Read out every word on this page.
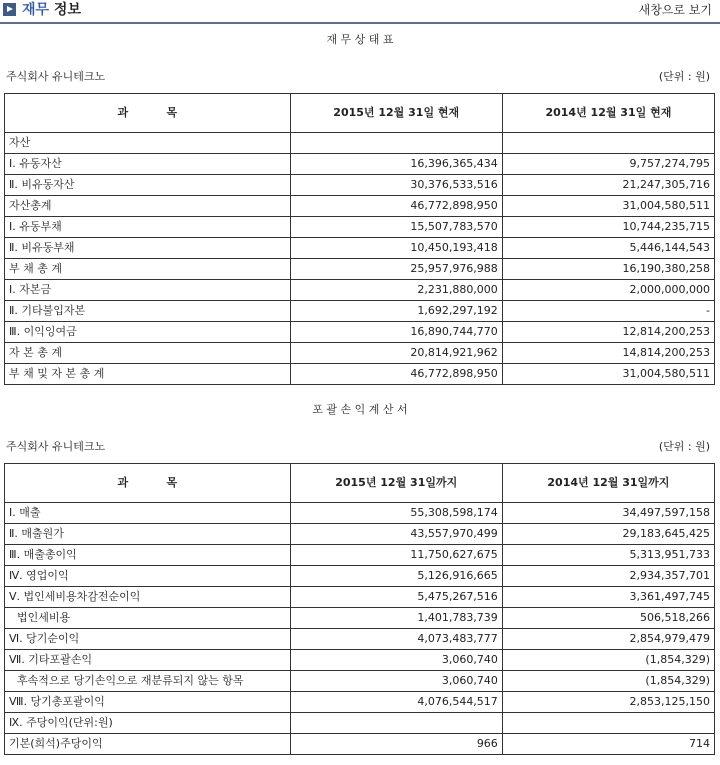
재무 정보	새창으로 보기
재 무 상 태 표
주식회사 유니테크노	(단위 : 원)
과          목	2015년 12월 31일 현재	2014년 12월 31일 현재
자산		
Ⅰ. 유동자산	16,396,365,434	9,757,274,795
Ⅱ. 비유동자산	30,376,533,516	21,247,305,716
자산총계	46,772,898,950	31,004,580,511
Ⅰ. 유동부채	15,507,783,570	10,744,235,715
Ⅱ. 비유동부채	10,450,193,418	5,446,144,543
부 채 총 계	25,957,976,988	16,190,380,258
Ⅰ. 자본금	2,231,880,000	2,000,000,000
Ⅱ. 기타불입자본	1,692,297,192	-
Ⅲ. 이익잉여금	16,890,744,770	12,814,200,253
자 본 총 계	20,814,921,962	14,814,200,253
부 채 및 자 본 총 계	46,772,898,950	31,004,580,511
포 괄 손 익 계 산 서
주식회사 유니테크노	(단위 : 원)
과          목	2015년 12월 31일까지	2014년 12월 31일까지
Ⅰ. 매출	55,308,598,174	34,497,597,158
Ⅱ. 매출원가	43,557,970,499	29,183,645,425
Ⅲ. 매출총이익	11,750,627,675	5,313,951,733
Ⅳ. 영업이익	5,126,916,665	2,934,357,701
Ⅴ. 법인세비용차감전순이익	5,475,267,516	3,361,497,745
법인세비용	1,401,783,739	506,518,266
Ⅵ. 당기순이익	4,073,483,777	2,854,979,479
Ⅶ. 기타포괄손익	3,060,740	(1,854,329)
후속적으로 당기손익으로 재분류되지 않는 항목	3,060,740	(1,854,329)
Ⅷ. 당기총포괄이익	4,076,544,517	2,853,125,150
Ⅸ. 주당이익(단위:원)		
기본(희석)주당이익	966	714
